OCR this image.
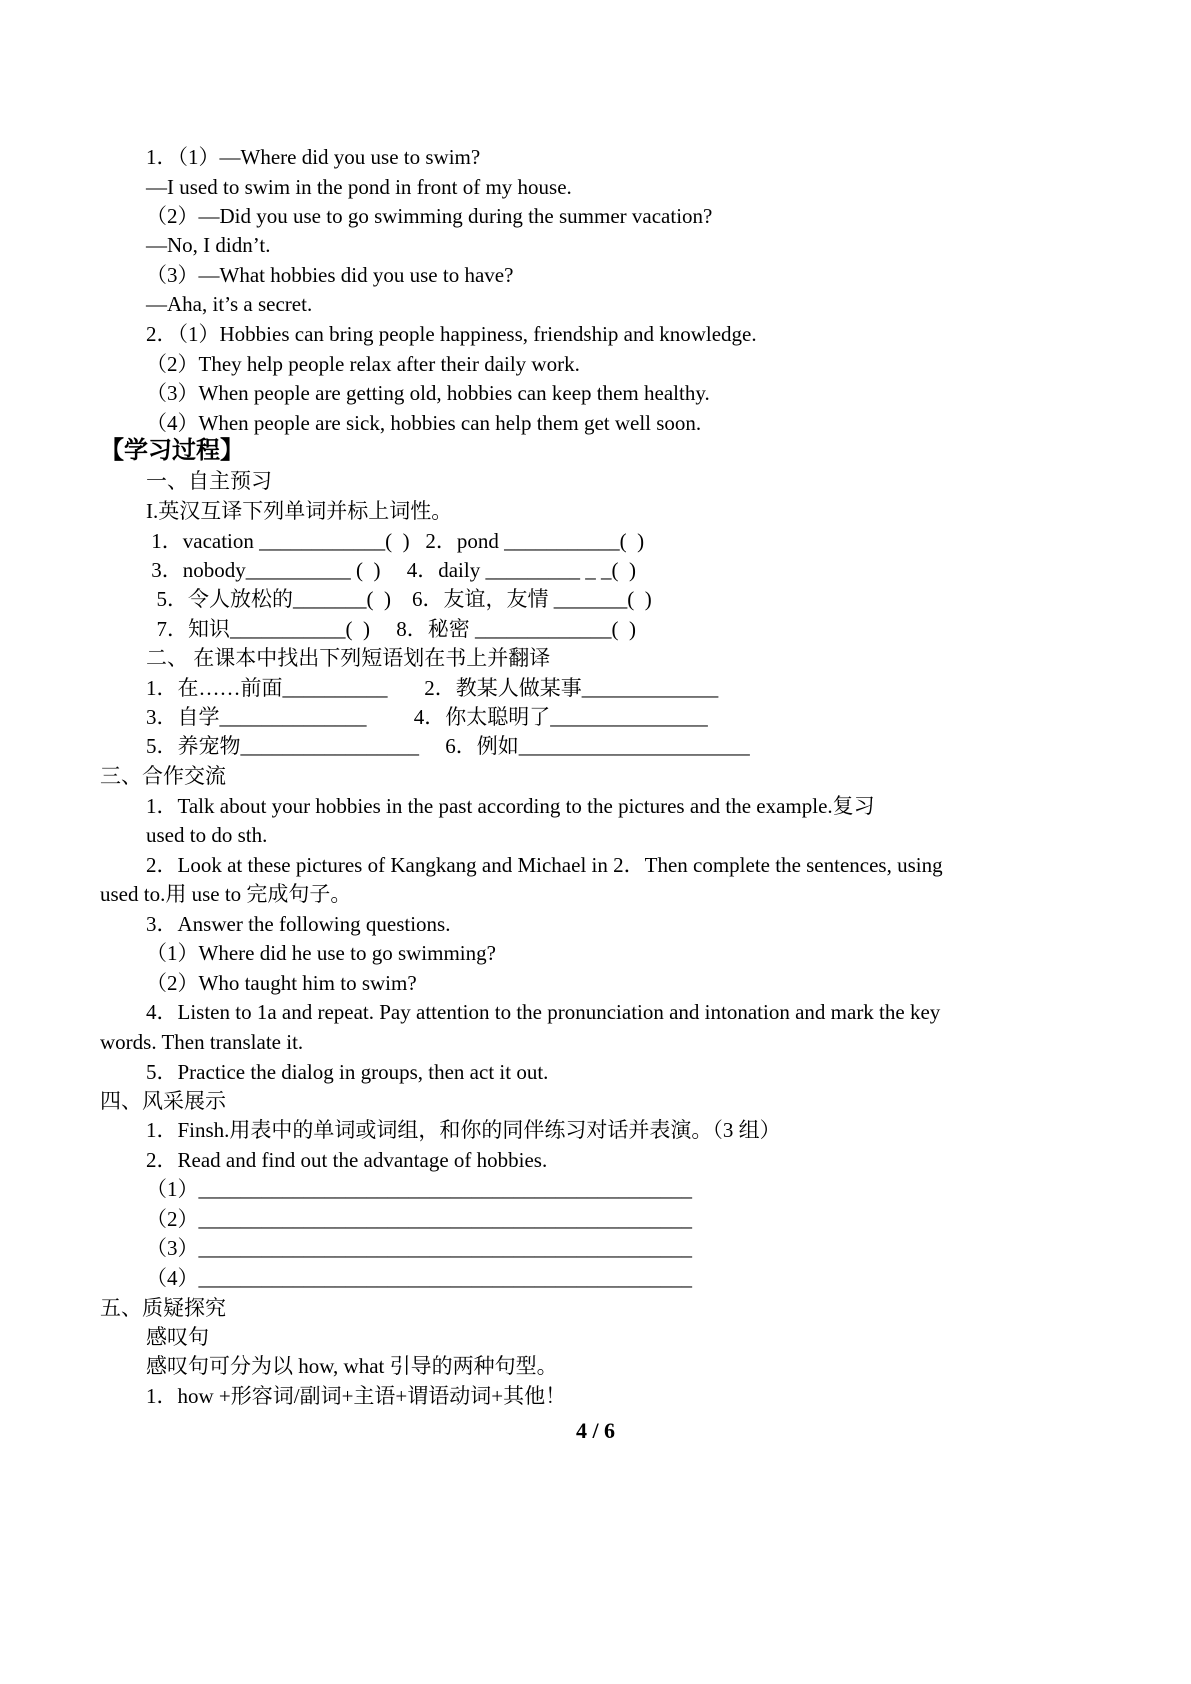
1．（1）—Where did you use to swim?
—I used to swim in the pond in front of my house.
（2）—Did you use to go swimming during the summer vacation?
—No, I didn’t.
（3）—What hobbies did you use to have?
—Aha, it’s a secret.
2．（1）Hobbies can bring people happiness, friendship and knowledge.
（2）They help people relax after their daily work.
（3）When people are getting old, hobbies can keep them healthy.
（4）When people are sick, hobbies can help them get well soon.
【学习过程】
一、自主预习
I.英汉互译下列单词并标上词性。
1．vacation ____________(  )   2．pond ___________(  )
3．nobody__________ (  )     4．daily _________ _ _(  )
5．令人放松的_______(  )    6．友谊，友情 _______(  )
7．知识___________(  )     8．秘密 _____________(  )
二、 在课本中找出下列短语划在书上并翻译
1．在……前面__________       2．教某人做某事_____________
3．自学______________         4．你太聪明了_______________
5．养宠物_________________     6．例如______________________
三、合作交流
1．Talk about your hobbies in the past according to the pictures and the example.复习
used to do sth.
2．Look at these pictures of Kangkang and Michael in 2．Then complete the sentences, using
used to.用 use to 完成句子。
3．Answer the following questions.
（1）Where did he use to go swimming?
（2）Who taught him to swim?
4．Listen to 1a and repeat. Pay attention to the pronunciation and intonation and mark the key
words. Then translate it.
5．Practice the dialog in groups, then act it out.
四、风采展示
1．Finsh.用表中的单词或词组，和你的同伴练习对话并表演。（3 组）
2．Read and find out the advantage of hobbies.
（1）_______________________________________________
（2）_______________________________________________
（3）_______________________________________________
（4）_______________________________________________
五、质疑探究
感叹句
感叹句可分为以 how, what 引导的两种句型。
1．how +形容词/副词+主语+谓语动词+其他！
4 / 6
